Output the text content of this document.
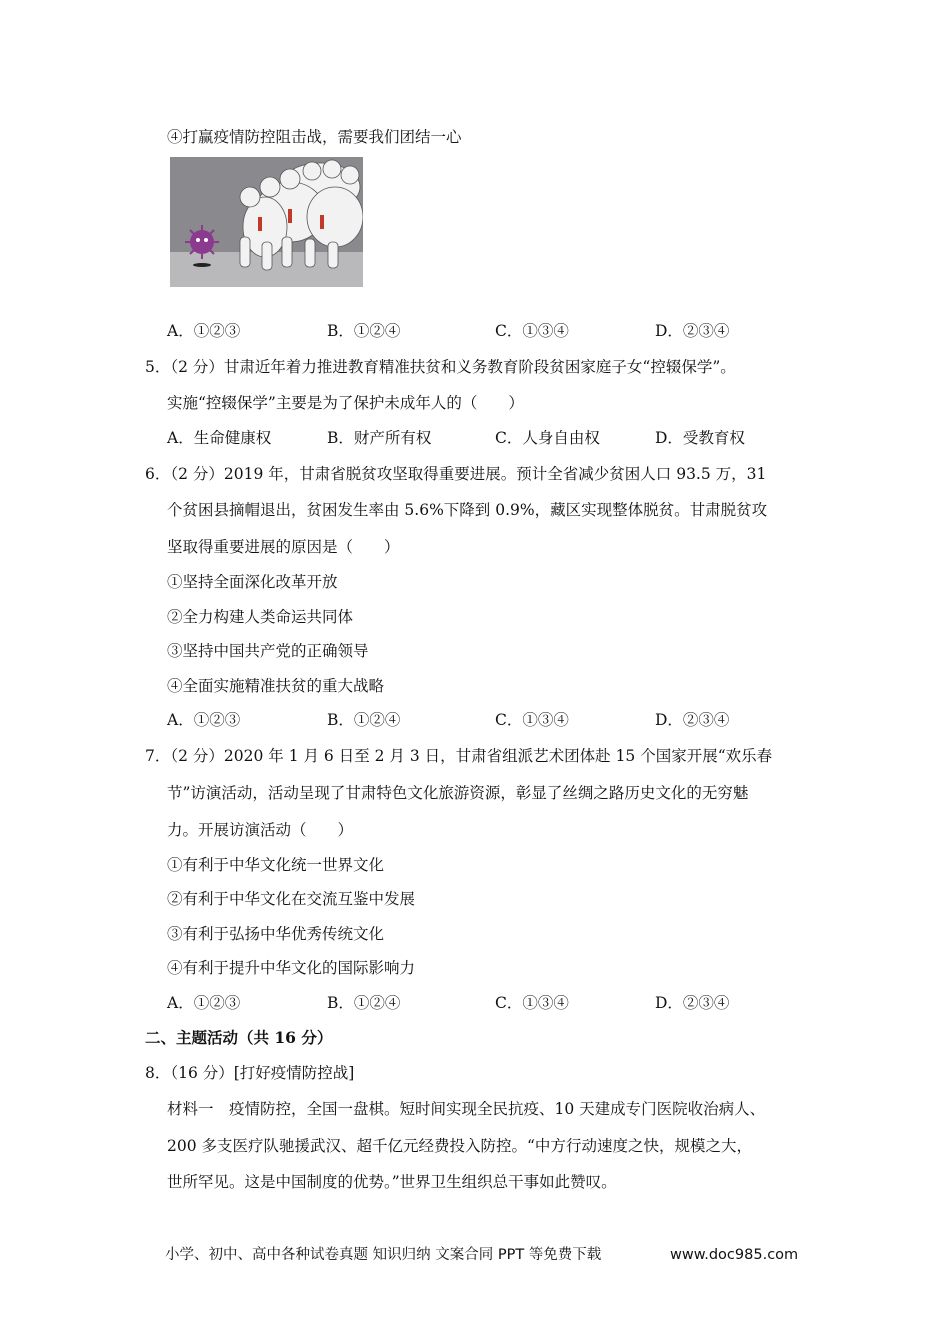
④打赢疫情防控阻击战，需要我们团结一心
A．①②③	B．①②④	C．①③④	D．②③④
5．（2 分）甘肃近年着力推进教育精准扶贫和义务教育阶段贫困家庭子女“控辍保学”。
实施“控辍保学”主要是为了保护未成年人的（　　）
A．生命健康权	B．财产所有权	C．人身自由权	D．受教育权
6．（2 分）2019 年，甘肃省脱贫攻坚取得重要进展。预计全省减少贫困人口 93.5 万，31
个贫困县摘帽退出，贫困发生率由 5.6%下降到 0.9%，藏区实现整体脱贫。甘肃脱贫攻
坚取得重要进展的原因是（　　）
①坚持全面深化改革开放
②全力构建人类命运共同体
③坚持中国共产党的正确领导
④全面实施精准扶贫的重大战略
A．①②③	B．①②④	C．①③④	D．②③④
7．（2 分）2020 年 1 月 6 日至 2 月 3 日，甘肃省组派艺术团体赴 15 个国家开展“欢乐春
节”访演活动，活动呈现了甘肃特色文化旅游资源，彰显了丝绸之路历史文化的无穷魅
力。开展访演活动（　　）
①有利于中华文化统一世界文化
②有利于中华文化在交流互鉴中发展
③有利于弘扬中华优秀传统文化
④有利于提升中华文化的国际影响力
A．①②③	B．①②④	C．①③④	D．②③④
二、主题活动（共 16 分）
8．（16 分）[打好疫情防控战]
材料一　疫情防控，全国一盘棋。短时间实现全民抗疫、10 天建成专门医院收治病人、
200 多支医疗队驰援武汉、超千亿元经费投入防控。“中方行动速度之快，规模之大，
世所罕见。这是中国制度的优势。”世界卫生组织总干事如此赞叹。
小学、初中、高中各种试卷真题 知识归纳 文案合同 PPT 等免费下载	www.doc985.com
